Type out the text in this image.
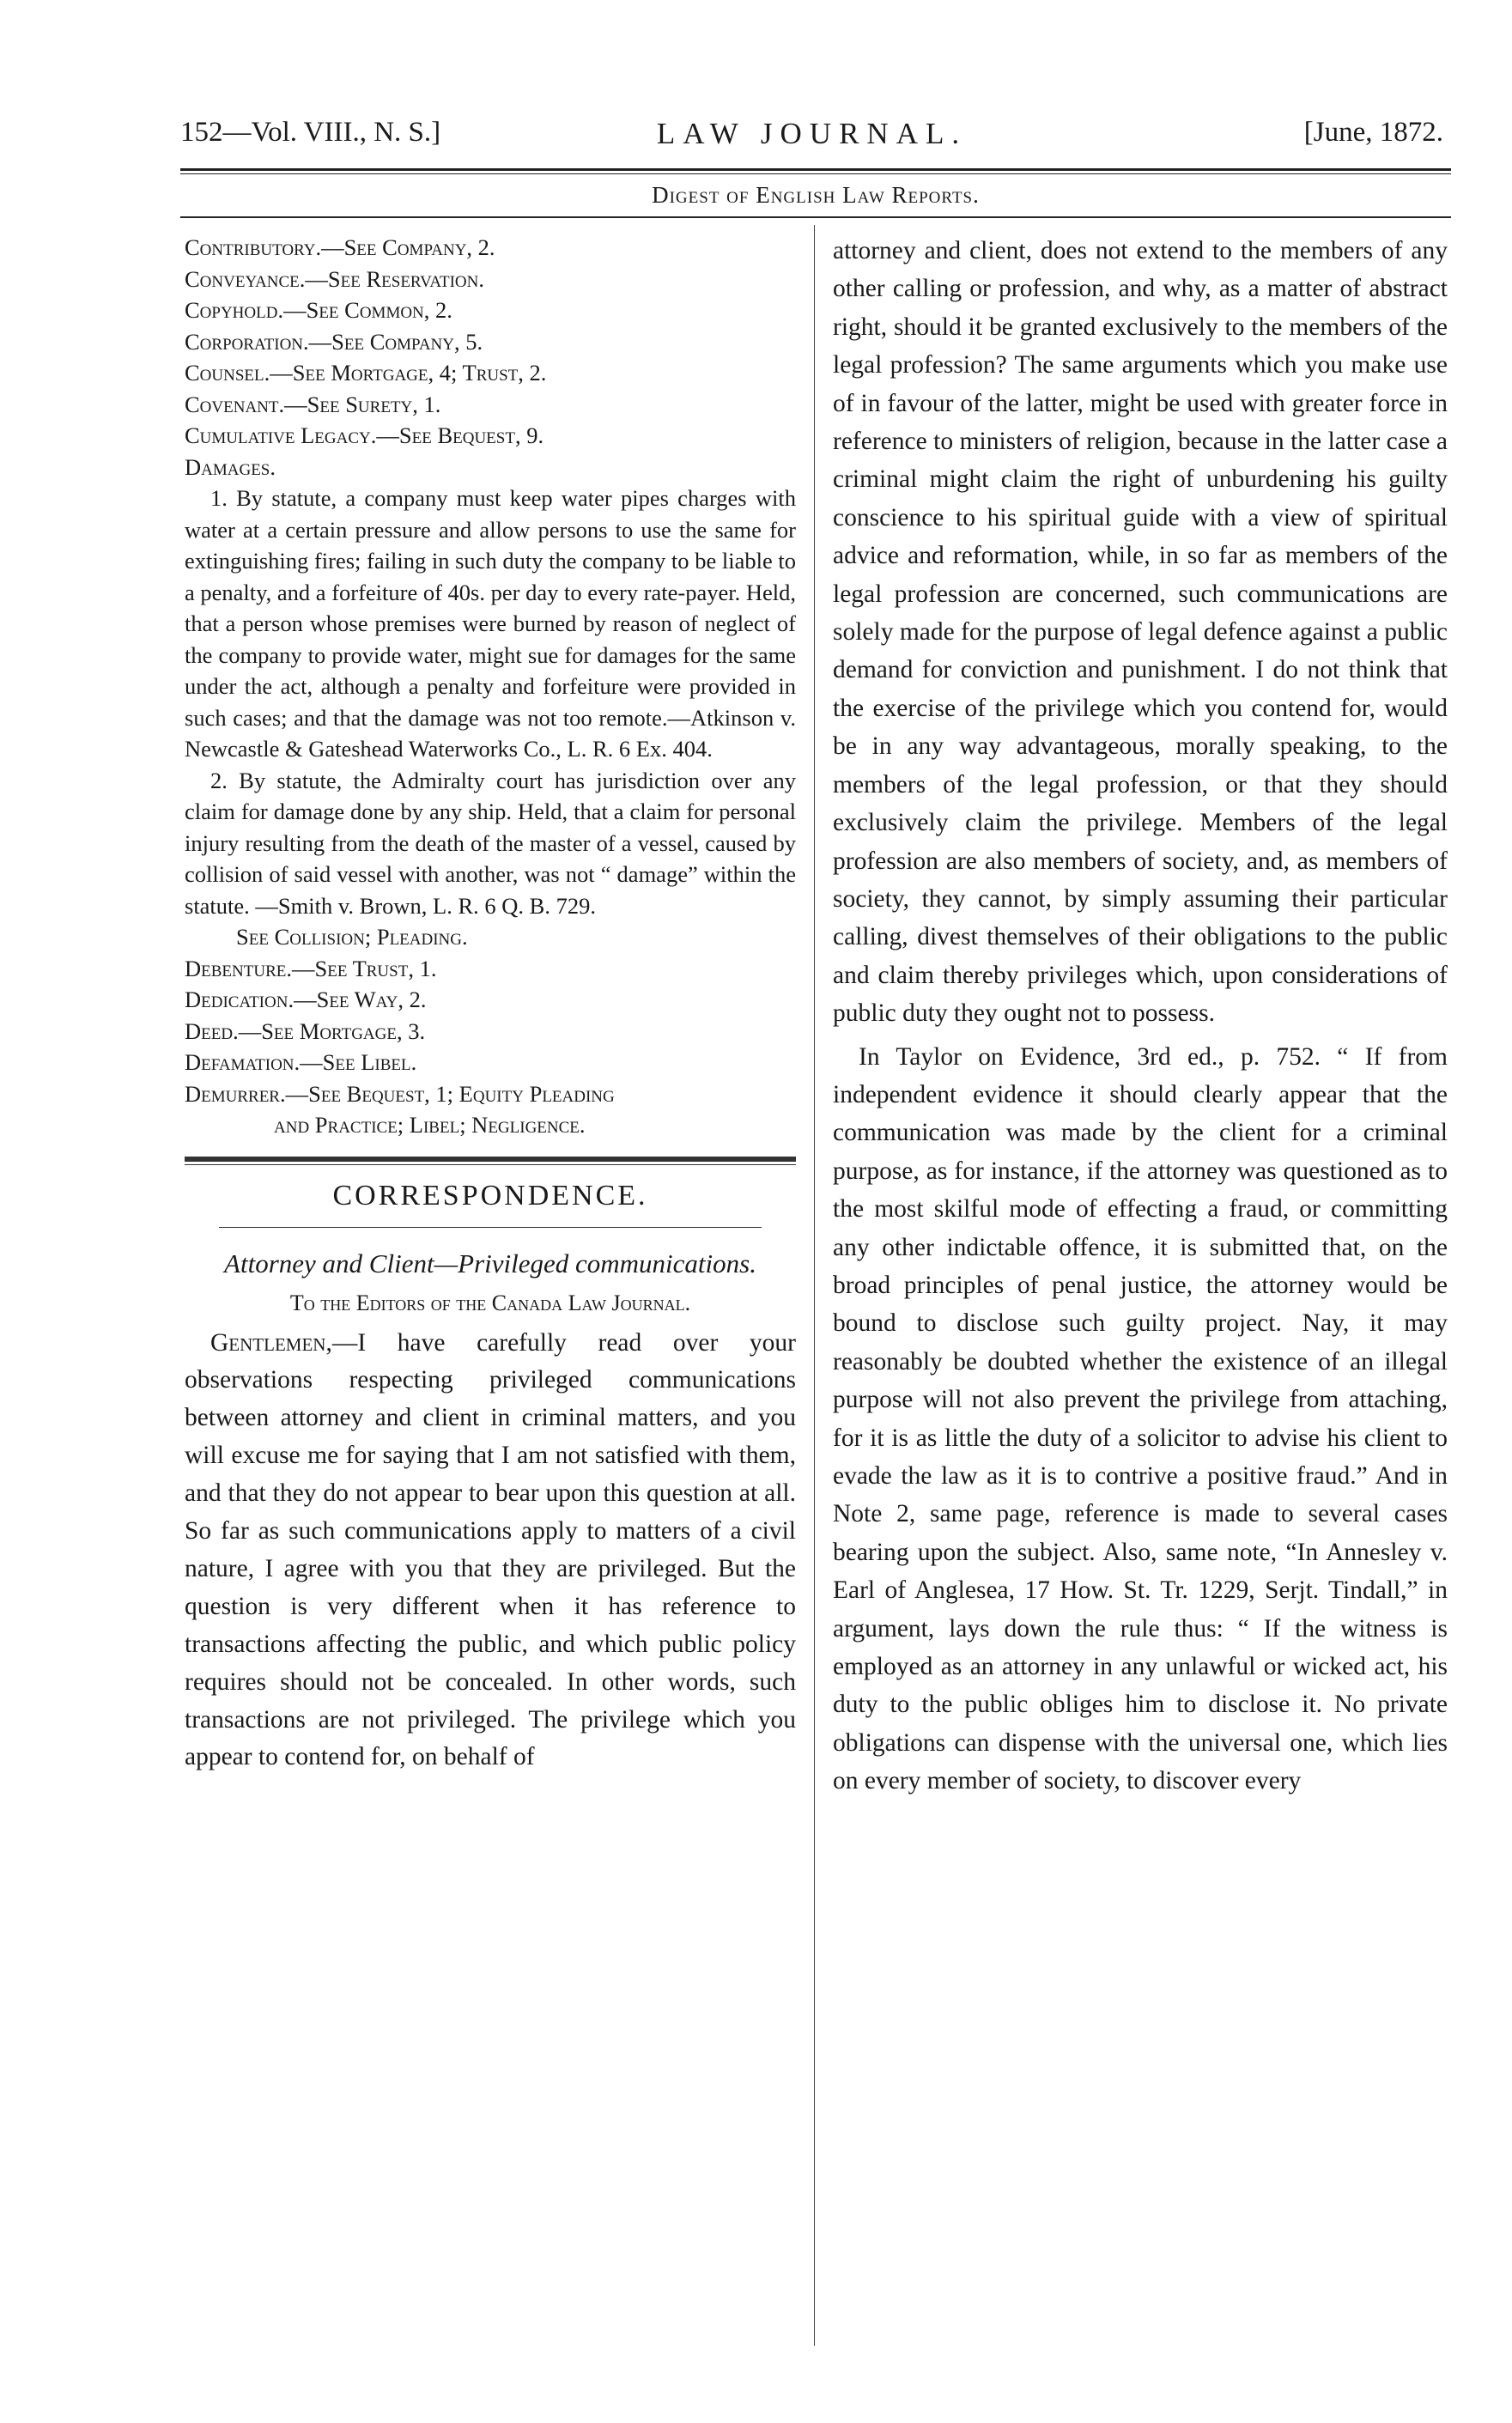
152—Vol. VIII., N. S.]	LAW JOURNAL.	[June, 1872.
Digest of English Law Reports.

Contributory.—See Company, 2.

Conveyance.—See Reservation.

Copyhold.—See Common, 2.

Corporation.—See Company, 5.

Counsel.—See Mortgage, 4; Trust, 2.

Covenant.—See Surety, 1.

Cumulative Legacy.—See Bequest, 9.

Damages.

1. By statute, a company must keep water pipes charges with water at a certain pressure and allow persons to use the same for extinguishing fires; failing in such duty the company to be liable to a penalty, and a forfeiture of 40s. per day to every rate-payer. Held, that a person whose premises were burned by reason of neglect of the company to provide water, might sue for damages for the same under the act, although a penalty and forfeiture were provided in such cases; and that the damage was not too remote.—Atkinson v. Newcastle & Gateshead Waterworks Co., L. R. 6 Ex. 404.

2. By statute, the Admiralty court has jurisdiction over any claim for damage done by any ship. Held, that a claim for personal injury resulting from the death of the master of a vessel, caused by collision of said vessel with another, was not “ damage” within the statute. —Smith v. Brown, L. R. 6 Q. B. 729.

See Collision; Pleading.

Debenture.—See Trust, 1.

Dedication.—See Way, 2.

Deed.—See Mortgage, 3.

Defamation.—See Libel.

Demurrer.—See Bequest, 1; Equity Pleading

and Practice; Libel; Negligence.

CORRESPONDENCE.
Attorney and Client—Privileged communications.
To the Editors of the Canada Law Journal.

Gentlemen,—I have carefully read over your observations respecting privileged communications between attorney and client in criminal matters, and you will excuse me for saying that I am not satisfied with them, and that they do not appear to bear upon this question at all. So far as such communications apply to matters of a civil nature, I agree with you that they are privileged. But the question is very different when it has reference to transactions affecting the public, and which public policy requires should not be concealed. In other words, such transactions are not privileged. The privilege which you appear to contend for, on behalf of

attorney and client, does not extend to the members of any other calling or profession, and why, as a matter of abstract right, should it be granted exclusively to the members of the legal profession? The same arguments which you make use of in favour of the latter, might be used with greater force in reference to ministers of religion, because in the latter case a criminal might claim the right of unburdening his guilty conscience to his spiritual guide with a view of spiritual advice and reformation, while, in so far as members of the legal profession are concerned, such communications are solely made for the purpose of legal defence against a public demand for conviction and punishment. I do not think that the exercise of the privilege which you contend for, would be in any way advantageous, morally speaking, to the members of the legal profession, or that they should exclusively claim the privilege. Members of the legal profession are also members of society, and, as members of society, they cannot, by simply assuming their particular calling, divest themselves of their obligations to the public and claim thereby privileges which, upon considerations of public duty they ought not to possess.

In Taylor on Evidence, 3rd ed., p. 752. “ If from independent evidence it should clearly appear that the communication was made by the client for a criminal purpose, as for instance, if the attorney was questioned as to the most skilful mode of effecting a fraud, or committing any other indictable offence, it is submitted that, on the broad principles of penal justice, the attorney would be bound to disclose such guilty project. Nay, it may reasonably be doubted whether the existence of an illegal purpose will not also prevent the privilege from attaching, for it is as little the duty of a solicitor to advise his client to evade the law as it is to contrive a positive fraud.” And in Note 2, same page, reference is made to several cases bearing upon the subject. Also, same note, “In Annesley v. Earl of Anglesea, 17 How. St. Tr. 1229, Serjt. Tindall,” in argument, lays down the rule thus: “ If the witness is employed as an attorney in any unlawful or wicked act, his duty to the public obliges him to disclose it. No private obligations can dispense with the universal one, which lies on every member of society, to discover every
